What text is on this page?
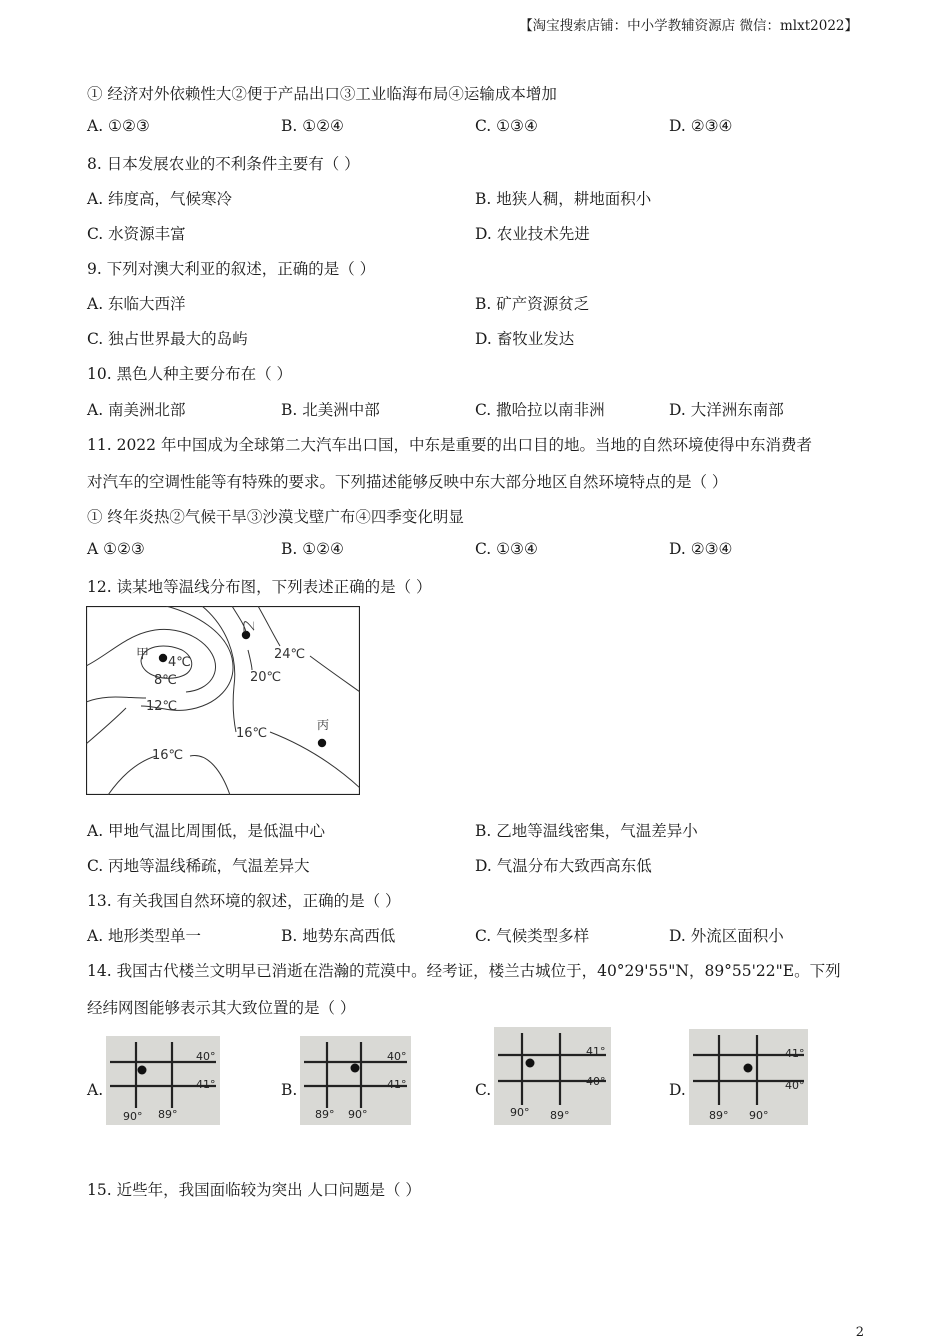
【淘宝搜索店铺：中小学教辅资源店 微信：mlxt2022】
① 经济对外依赖性大②便于产品出口③工业临海布局④运输成本增加
A. ①②③	B. ①②④	C. ①③④	D. ②③④
8. 日本发展农业的不利条件主要有（ ）
A. 纬度高，气候寒冷	B. 地狭人稠，耕地面积小
C. 水资源丰富	D. 农业技术先进
9. 下列对澳大利亚的叙述，正确的是（ ）
A. 东临大西洋	B. 矿产资源贫乏
C. 独占世界最大的岛屿	D. 畜牧业发达
10. 黑色人种主要分布在（ ）
A. 南美洲北部	B. 北美洲中部	C. 撒哈拉以南非洲	D. 大洋洲东南部
11. 2022 年中国成为全球第二大汽车出口国，中东是重要的出口目的地。当地的自然环境使得中东消费者
对汽车的空调性能等有特殊的要求。下列描述能够反映中东大部分地区自然环境特点的是（ ）
① 终年炎热②气候干旱③沙漠戈壁广布④四季变化明显
A ①②③	B. ①②④	C. ①③④	D. ②③④
12. 读某地等温线分布图，下列表述正确的是（ ）
甲
乙
丙
4℃
8℃
12℃
16℃
16℃
20℃
24℃
A. 甲地气温比周围低，是低温中心	B. 乙地等温线密集，气温差异小
C. 丙地等温线稀疏，气温差异大	D. 气温分布大致西高东低
13. 有关我国自然环境的叙述，正确的是（ ）
A. 地形类型单一	B. 地势东高西低	C. 气候类型多样	D. 外流区面积小
14. 我国古代楼兰文明早已消逝在浩瀚的荒漠中。经考证，楼兰古城位于，40°29'55"N，89°55'22"E。下列
经纬网图能够表示其大致位置的是（ ）
A.	B.	C.	D.
40°
41°
90° 89°
40°
41°
89° 90°
41°
40°
90° 89°
41°
40°
89° 90°
15. 近些年，我国面临较为突出 人口问题是（ ）
2
